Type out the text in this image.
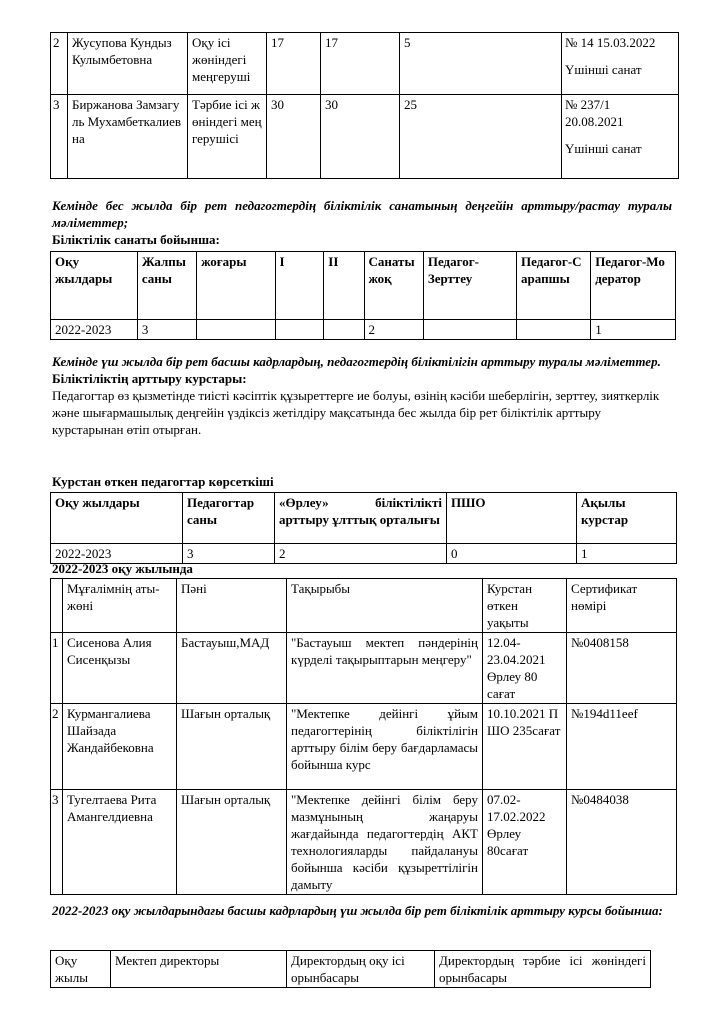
2	Жусупова Кундыз Кулымбетовна	Оқу ісі жөніндегі меңгеруші	17	17	5	№ 14 15.03.2022
Үшінші санат

3	Биржанова Замзагуль Мухамбеткалиевна	Тәрбие ісі жөніндегі меңгерушісі	30	30	25	№ 237/1 20.08.2021
Үшінші санат

Кемінде бес жылда бір рет педагогтердің біліктілік санатының деңгейін арттыру/растау туралы мәліметтер;

Біліктілік санаты бойынша:

Оқу жылдары	Жалпы саны	жоғары	I	II	Санаты жоқ	Педагог-Зерттеу	Педагог-Сарапшы	Педагог-Модератор
2022-2023	3				2			1

Кемінде үш жылда бір рет басшы кадрлардың, педагогтердің біліктілігін арттыру туралы мәліметтер.

Біліктіліктің арттыру курстары:

Педагогтар өз қызметінде тиісті кәсіптік құзыреттерге ие болуы, өзінің кәсіби шеберлігін, зерттеу, зияткерлік және шығармашылық деңгейін үздіксіз жетілдіру мақсатында бес жылда бір рет біліктілік арттыру курстарынан өтіп отырған.

Курстан өткен педагогтар көрсеткіші

Оқу жылдары	Педагогтар саны	«Өрлеу» біліктілікті арттыру ұлттық орталығы	ПШО	Ақылы курстар
2022-2023	3	2	0	1

2022-2023 оқу жылында

	Мұғалімнің аты-жөні	Пәні	Тақырыбы	Курстан өткен уақыты	Сертификат нөмірі
1	Сисенова Алия Сисенқызы	Бастауыш,МАД	"Бастауыш мектеп пәндерінің күрделі тақырыптарын меңгеру"	12.04-23.04.2021 Өрлеу 80 сағат	№0408158
2	Курмангалиева Шайзада Жандайбековна	Шағын орталық	"Мектепке дейінгі ұйым педагогтерінің біліктілігін арттыру білім беру бағдарламасы бойынша курс	10.10.2021 ПШО 235сағат	№194d11eef
3	Тугелтаева Рита Амангелдиевна	Шағын орталық	"Мектепке дейінгі білім беру мазмұнының жаңаруы жағдайында педагогтердің АКТ технологияларды пайдалануы бойынша кәсіби құзыреттілігін дамыту	07.02-17.02.2022 Өрлеу 80сағат	№0484038

2022-2023 оқу жылдарындағы басшы кадрлардың үш жылда бір рет біліктілік арттыру курсы бойынша:

Оқу жылы	Мектеп директоры	Директордың оқу ісі орынбасары	Директордың тәрбие ісі жөніндегі орынбасары
